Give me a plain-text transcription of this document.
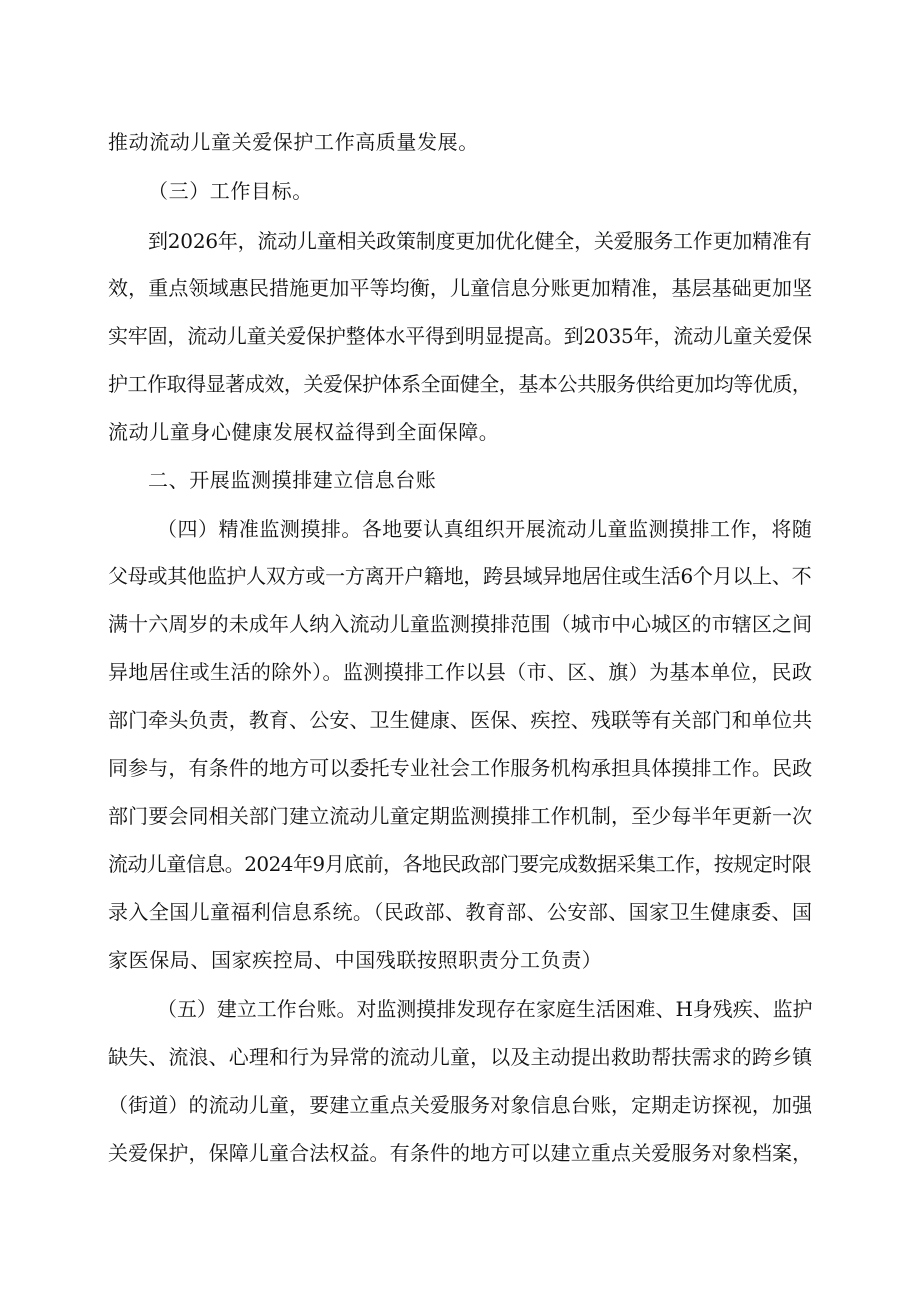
推动流动儿童关爱保护工作高质量发展。

（三）工作目标。

到2026年，流动儿童相关政策制度更加优化健全，关爱服务工作更加精准有

效，重点领域惠民措施更加平等均衡，儿童信息分账更加精准，基层基础更加坚

实牢固，流动儿童关爱保护整体水平得到明显提高。到2035年，流动儿童关爱保

护工作取得显著成效，关爱保护体系全面健全，基本公共服务供给更加均等优质，

流动儿童身心健康发展权益得到全面保障。

二、开展监测摸排建立信息台账

（四）精准监测摸排。各地要认真组织开展流动儿童监测摸排工作，将随

父母或其他监护人双方或一方离开户籍地，跨县域异地居住或生活6个月以上、不

满十六周岁的未成年人纳入流动儿童监测摸排范围（城市中心城区的市辖区之间

异地居住或生活的除外）。监测摸排工作以县（市、区、旗）为基本单位，民政

部门牵头负责，教育、公安、卫生健康、医保、疾控、残联等有关部门和单位共

同参与，有条件的地方可以委托专业社会工作服务机构承担具体摸排工作。民政

部门要会同相关部门建立流动儿童定期监测摸排工作机制，至少每半年更新一次

流动儿童信息。2024年9月底前，各地民政部门要完成数据采集工作，按规定时限

录入全国儿童福利信息系统。（民政部、教育部、公安部、国家卫生健康委、国

家医保局、国家疾控局、中国残联按照职责分工负责）

（五）建立工作台账。对监测摸排发现存在家庭生活困难、H身残疾、监护

缺失、流浪、心理和行为异常的流动儿童，以及主动提出救助帮扶需求的跨乡镇

（街道）的流动儿童，要建立重点关爱服务对象信息台账，定期走访探视，加强

关爱保护，保障儿童合法权益。有条件的地方可以建立重点关爱服务对象档案，
